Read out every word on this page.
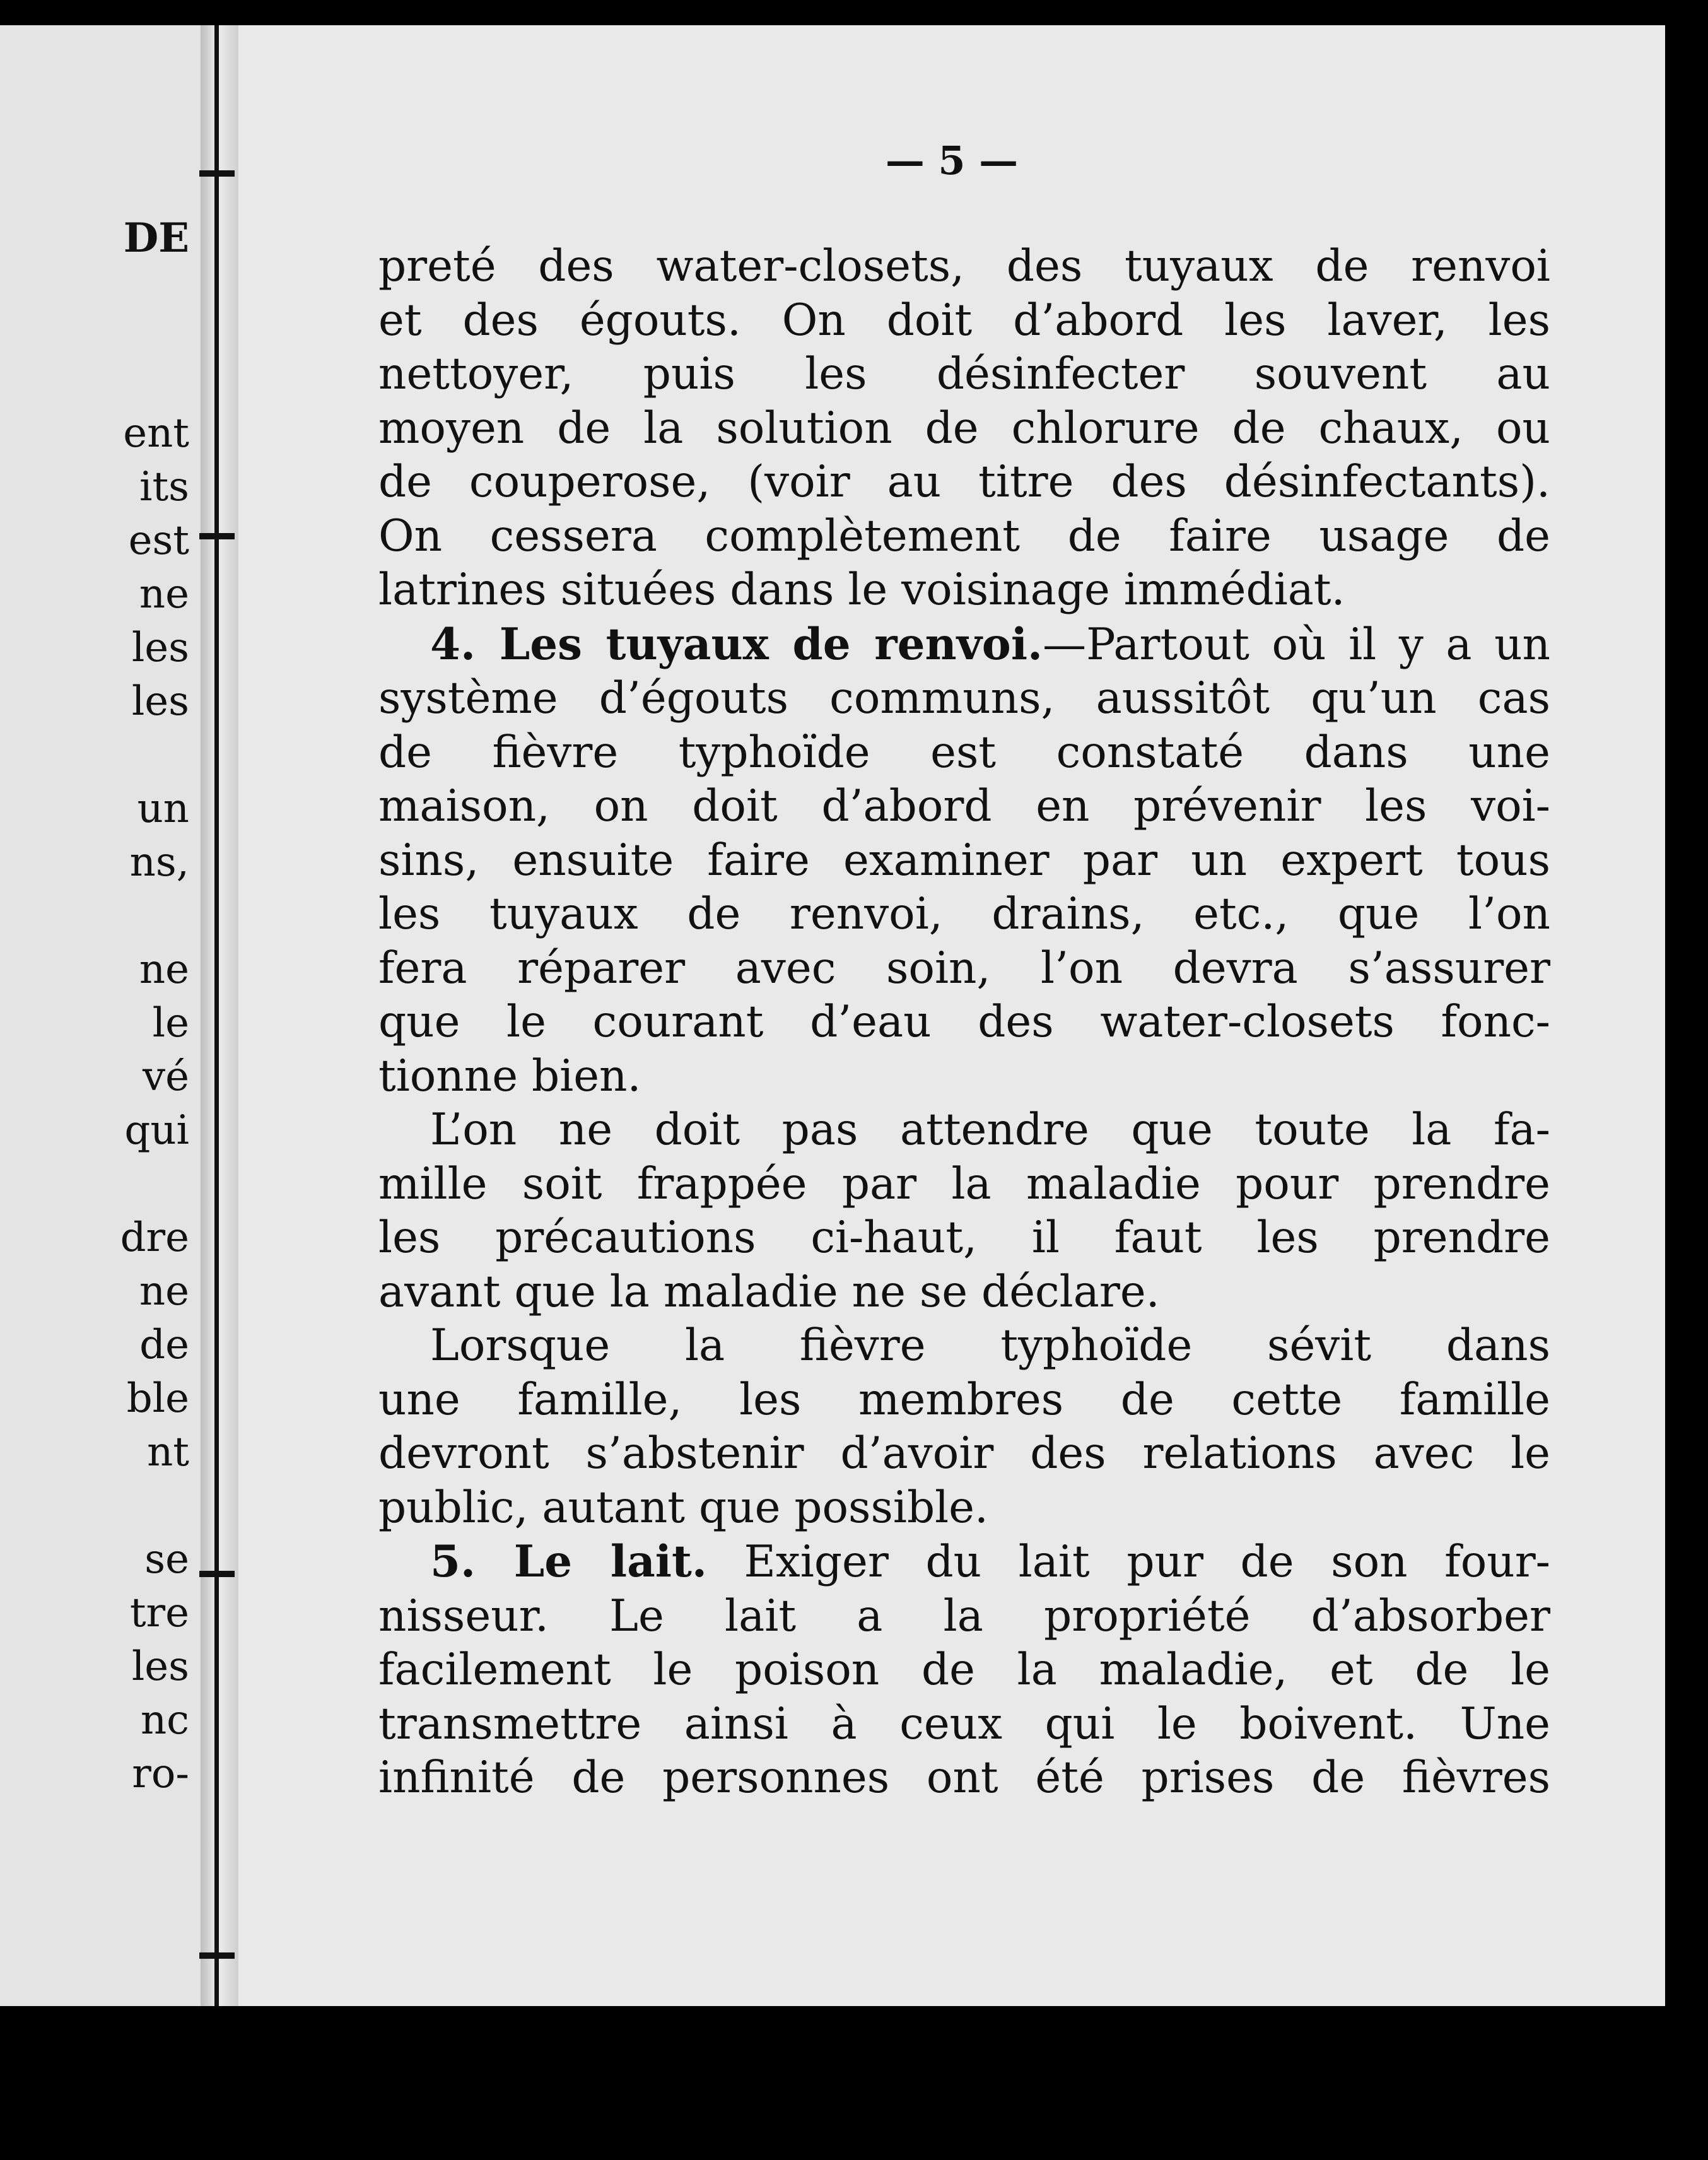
DE
ent
its
est
ne
les
les
un
ns,
ne
le
vé
qui
dre
ne
de
ble
nt
se
tre
les
nc
ro-
— 5 —
preté des water-closets, des tuyaux de renvoi
et des égouts. On doit d’abord les laver, les
nettoyer, puis les désinfecter souvent au
moyen de la solution de chlorure de chaux, ou
de couperose, (voir au titre des désinfectants).
On cessera complètement de faire usage de
latrines situées dans le voisinage immédiat.
4. Les tuyaux de renvoi.—Partout où il y a un
système d’égouts communs, aussitôt qu’un cas
de fièvre typhoïde est constaté dans une
maison, on doit d’abord en prévenir les voi-
sins, ensuite faire examiner par un expert tous
les tuyaux de renvoi, drains, etc., que l’on
fera réparer avec soin, l’on devra s’assurer
que le courant d’eau des water-closets fonc-
tionne bien.
L’on ne doit pas attendre que toute la fa-
mille soit frappée par la maladie pour prendre
les précautions ci-haut, il faut les prendre
avant que la maladie ne se déclare.
Lorsque la fièvre typhoïde sévit dans
une famille, les membres de cette famille
devront s’abstenir d’avoir des relations avec le
public, autant que possible.
5. Le lait. Exiger du lait pur de son four-
nisseur. Le lait a la propriété d’absorber
facilement le poison de la maladie, et de le
transmettre ainsi à ceux qui le boivent. Une
infinité de personnes ont été prises de fièvres
